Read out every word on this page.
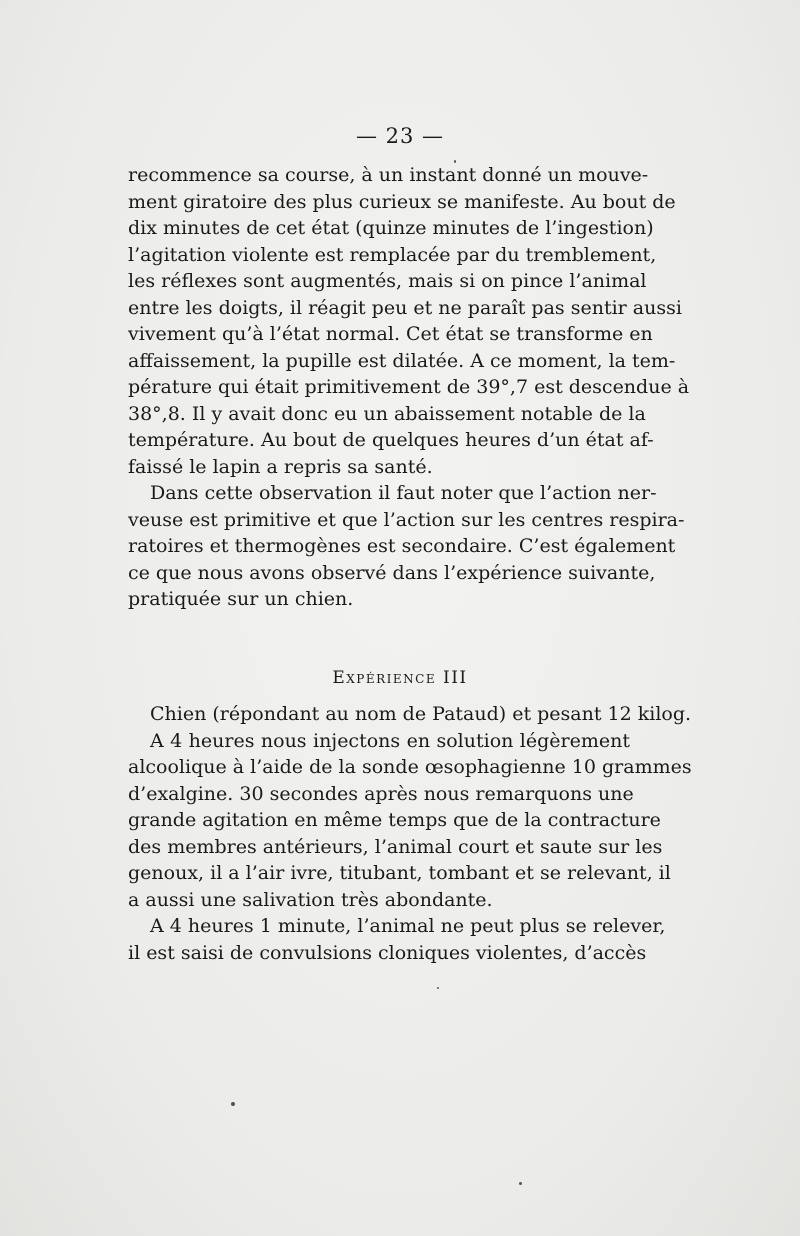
— 23 —
recommence sa course, à un instant donné un mouve-
ment giratoire des plus curieux se manifeste. Au bout de
dix minutes de cet état (quinze minutes de l’ingestion)
l’agitation violente est remplacée par du tremblement,
les réflexes sont augmentés, mais si on pince l’animal
entre les doigts, il réagit peu et ne paraît pas sentir aussi
vivement qu’à l’état normal. Cet état se transforme en
affaissement, la pupille est dilatée. A ce moment, la tem-
pérature qui était primitivement de 39°,7 est descendue à
38°,8. Il y avait donc eu un abaissement notable de la
température. Au bout de quelques heures d’un état af-
faissé le lapin a repris sa santé.
Dans cette observation il faut noter que l’action ner-
veuse est primitive et que l’action sur les centres respira-
ratoires et thermogènes est secondaire. C’est également
ce que nous avons observé dans l’expérience suivante,
pratiquée sur un chien.
Expérience III
Chien (répondant au nom de Pataud) et pesant 12 kilog.
A 4 heures nous injectons en solution légèrement
alcoolique à l’aide de la sonde œsophagienne 10 grammes
d’exalgine. 30 secondes après nous remarquons une
grande agitation en même temps que de la contracture
des membres antérieurs, l’animal court et saute sur les
genoux, il a l’air ivre, titubant, tombant et se relevant, il
a aussi une salivation très abondante.
A 4 heures 1 minute, l’animal ne peut plus se relever,
il est saisi de convulsions cloniques violentes, d’accès
